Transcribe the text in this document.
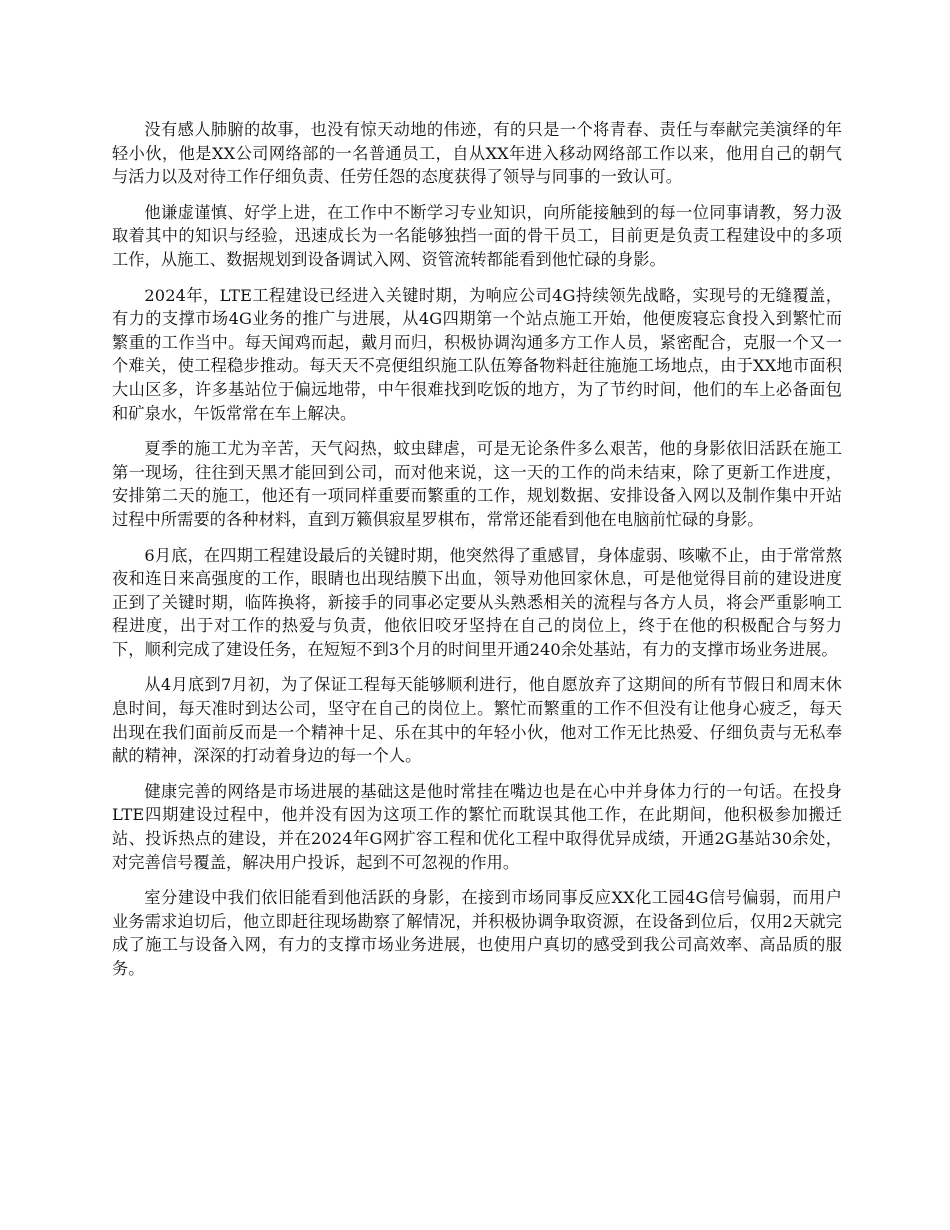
没有感人肺腑的故事，也没有惊天动地的伟迹，有的只是一个将青春、责任与奉献完美演绎的年轻小伙，他是XX公司网络部的一名普通员工，自从XX年进入移动网络部工作以来，他用自己的朝气与活力以及对待工作仔细负责、任劳任怨的态度获得了领导与同事的一致认可。

他谦虚谨慎、好学上进，在工作中不断学习专业知识，向所能接触到的每一位同事请教，努力汲取着其中的知识与经验，迅速成长为一名能够独挡一面的骨干员工，目前更是负责工程建设中的多项工作，从施工、数据规划到设备调试入网、资管流转都能看到他忙碌的身影。

2024年，LTE工程建设已经进入关键时期，为响应公司4G持续领先战略，实现号的无缝覆盖，有力的支撑市场4G业务的推广与进展，从4G四期第一个站点施工开始，他便废寝忘食投入到繁忙而繁重的工作当中。每天闻鸡而起，戴月而归，积极协调沟通多方工作人员，紧密配合，克服一个又一个难关，使工程稳步推动。每天天不亮便组织施工队伍筹备物料赶往施施工场地点，由于XX地市面积大山区多，许多基站位于偏远地带，中午很难找到吃饭的地方，为了节约时间，他们的车上必备面包和矿泉水，午饭常常在车上解决。

夏季的施工尤为辛苦，天气闷热，蚊虫肆虐，可是无论条件多么艰苦，他的身影依旧活跃在施工第一现场，往往到天黑才能回到公司，而对他来说，这一天的工作的尚未结束，除了更新工作进度，安排第二天的施工，他还有一项同样重要而繁重的工作，规划数据、安排设备入网以及制作集中开站过程中所需要的各种材料，直到万籁俱寂星罗棋布，常常还能看到他在电脑前忙碌的身影。

6月底，在四期工程建设最后的关键时期，他突然得了重感冒，身体虚弱、咳嗽不止，由于常常熬夜和连日来高强度的工作，眼睛也出现结膜下出血，领导劝他回家休息，可是他觉得目前的建设进度正到了关键时期，临阵换将，新接手的同事必定要从头熟悉相关的流程与各方人员，将会严重影响工程进度，出于对工作的热爱与负责，他依旧咬牙坚持在自己的岗位上，终于在他的积极配合与努力下，顺利完成了建设任务，在短短不到3个月的时间里开通240余处基站，有力的支撑市场业务进展。

从4月底到7月初，为了保证工程每天能够顺利进行，他自愿放弃了这期间的所有节假日和周末休息时间，每天准时到达公司，坚守在自己的岗位上。繁忙而繁重的工作不但没有让他身心疲乏，每天出现在我们面前反而是一个精神十足、乐在其中的年轻小伙，他对工作无比热爱、仔细负责与无私奉献的精神，深深的打动着身边的每一个人。

健康完善的网络是市场进展的基础这是他时常挂在嘴边也是在心中并身体力行的一句话。在投身LTE四期建设过程中，他并没有因为这项工作的繁忙而耽误其他工作，在此期间，他积极参加搬迁站、投诉热点的建设，并在2024年G网扩容工程和优化工程中取得优异成绩，开通2G基站30余处，对完善信号覆盖，解决用户投诉，起到不可忽视的作用。

室分建设中我们依旧能看到他活跃的身影，在接到市场同事反应XX化工园4G信号偏弱，而用户业务需求迫切后，他立即赶往现场勘察了解情况，并积极协调争取资源，在设备到位后，仅用2天就完成了施工与设备入网，有力的支撑市场业务进展，也使用户真切的感受到我公司高效率、高品质的服务。
